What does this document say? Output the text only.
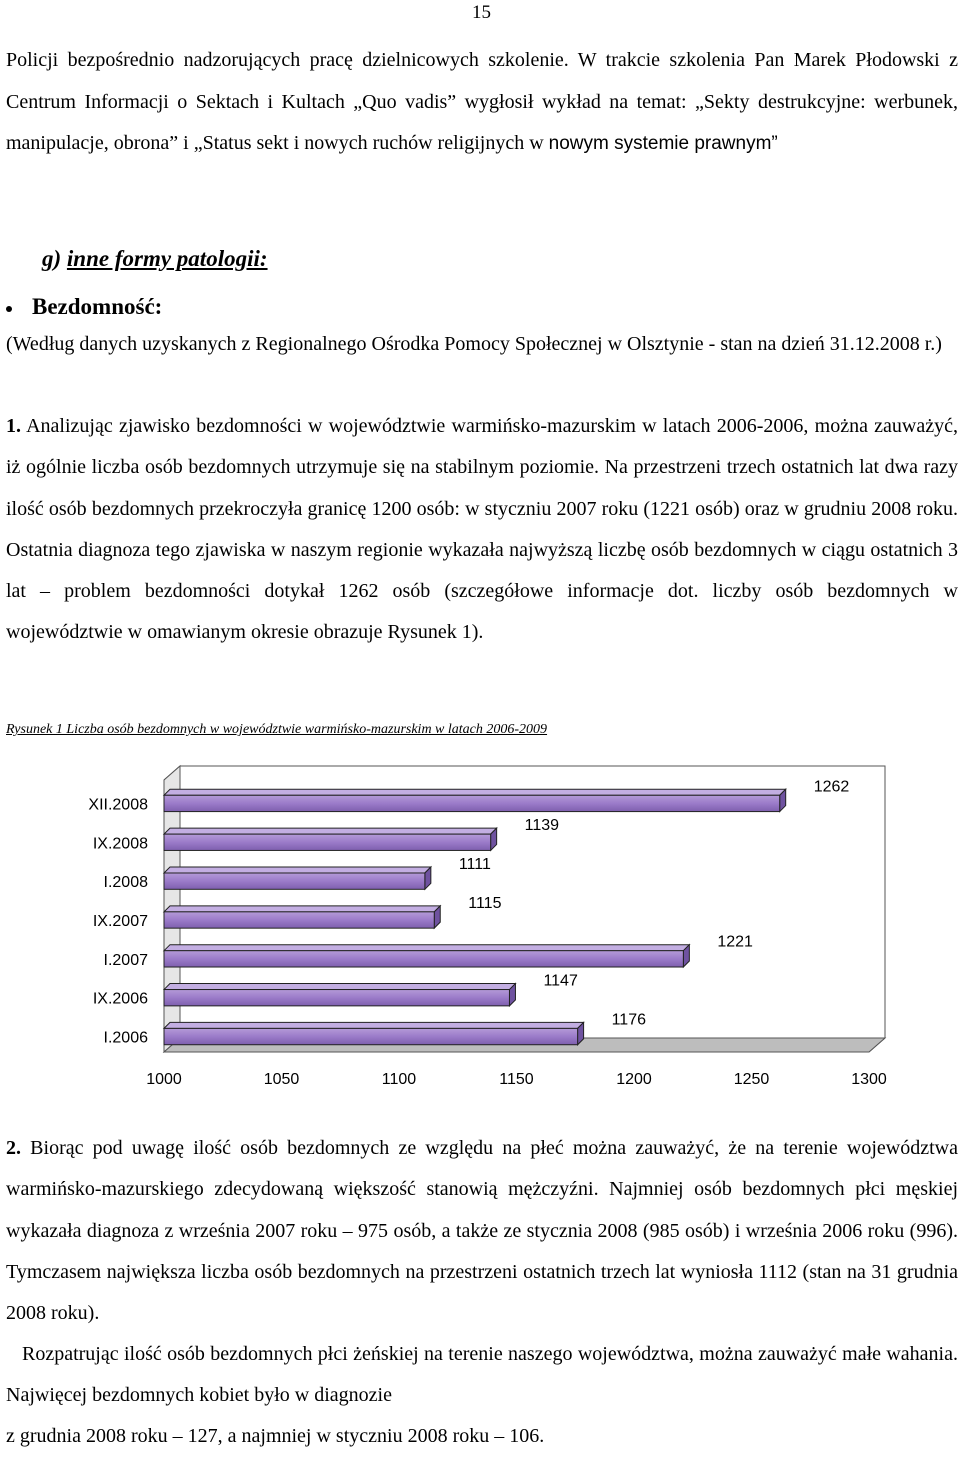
15

Policji bezpośrednio nadzorujących pracę dzielnicowych szkolenie. W trakcie szkolenia Pan Marek Płodowski z Centrum Informacji o Sektach i Kultach „Quo vadis” wygłosił wykład na temat: „Sekty destrukcyjne: werbunek, manipulacje, obrona” i „Status sekt i nowych ruchów religijnych w nowym systemie prawnym”

g) inne formy patologii:
Bezdomność:

(Według danych uzyskanych z Regionalnego Ośrodka Pomocy Społecznej w Olsztynie - stan na dzień 31.12.2008 r.)

1. Analizując zjawisko bezdomności w województwie warmińsko-mazurskim w latach 2006-2006, można zauważyć, iż ogólnie liczba osób bezdomnych utrzymuje się na stabilnym poziomie. Na przestrzeni trzech ostatnich lat dwa razy ilość osób bezdomnych przekroczyła granicę 1200 osób: w styczniu 2007 roku (1221 osób) oraz w grudniu 2008 roku. Ostatnia diagnoza tego zjawiska w naszym regionie wykazała najwyższą liczbę osób bezdomnych w ciągu ostatnich 3 lat – problem bezdomności dotykał 1262 osób (szczegółowe informacje dot. liczby osób bezdomnych w województwie w omawianym okresie obrazuje Rysunek 1).

Rysunek 1 Liczba osób bezdomnych w województwie warmińsko-mazurskim w latach 2006-2009
1000	1050	1100	1150	1200	1250	1300
XII.2008
1262
IX.2008
1139
I.2008
1111
IX.2007
1115
I.2007
1221
IX.2006
1147
I.2006
1176

2. Biorąc pod uwagę ilość osób bezdomnych ze względu na płeć można zauważyć, że na terenie województwa warmińsko-mazurskiego zdecydowaną większość stanowią mężczyźni. Najmniej osób bezdomnych płci męskiej wykazała diagnoza z września 2007 roku – 975 osób, a także ze stycznia 2008 (985 osób) i września 2006 roku (996). Tymczasem największa liczba osób bezdomnych na przestrzeni ostatnich trzech lat wyniosła 1112 (stan na 31 grudnia 2008 roku).

Rozpatrując ilość osób bezdomnych płci żeńskiej na terenie naszego województwa, można zauważyć małe wahania. Najwięcej bezdomnych kobiet było w diagnozie
z grudnia 2008 roku – 127, a najmniej w styczniu 2008 roku – 106.
